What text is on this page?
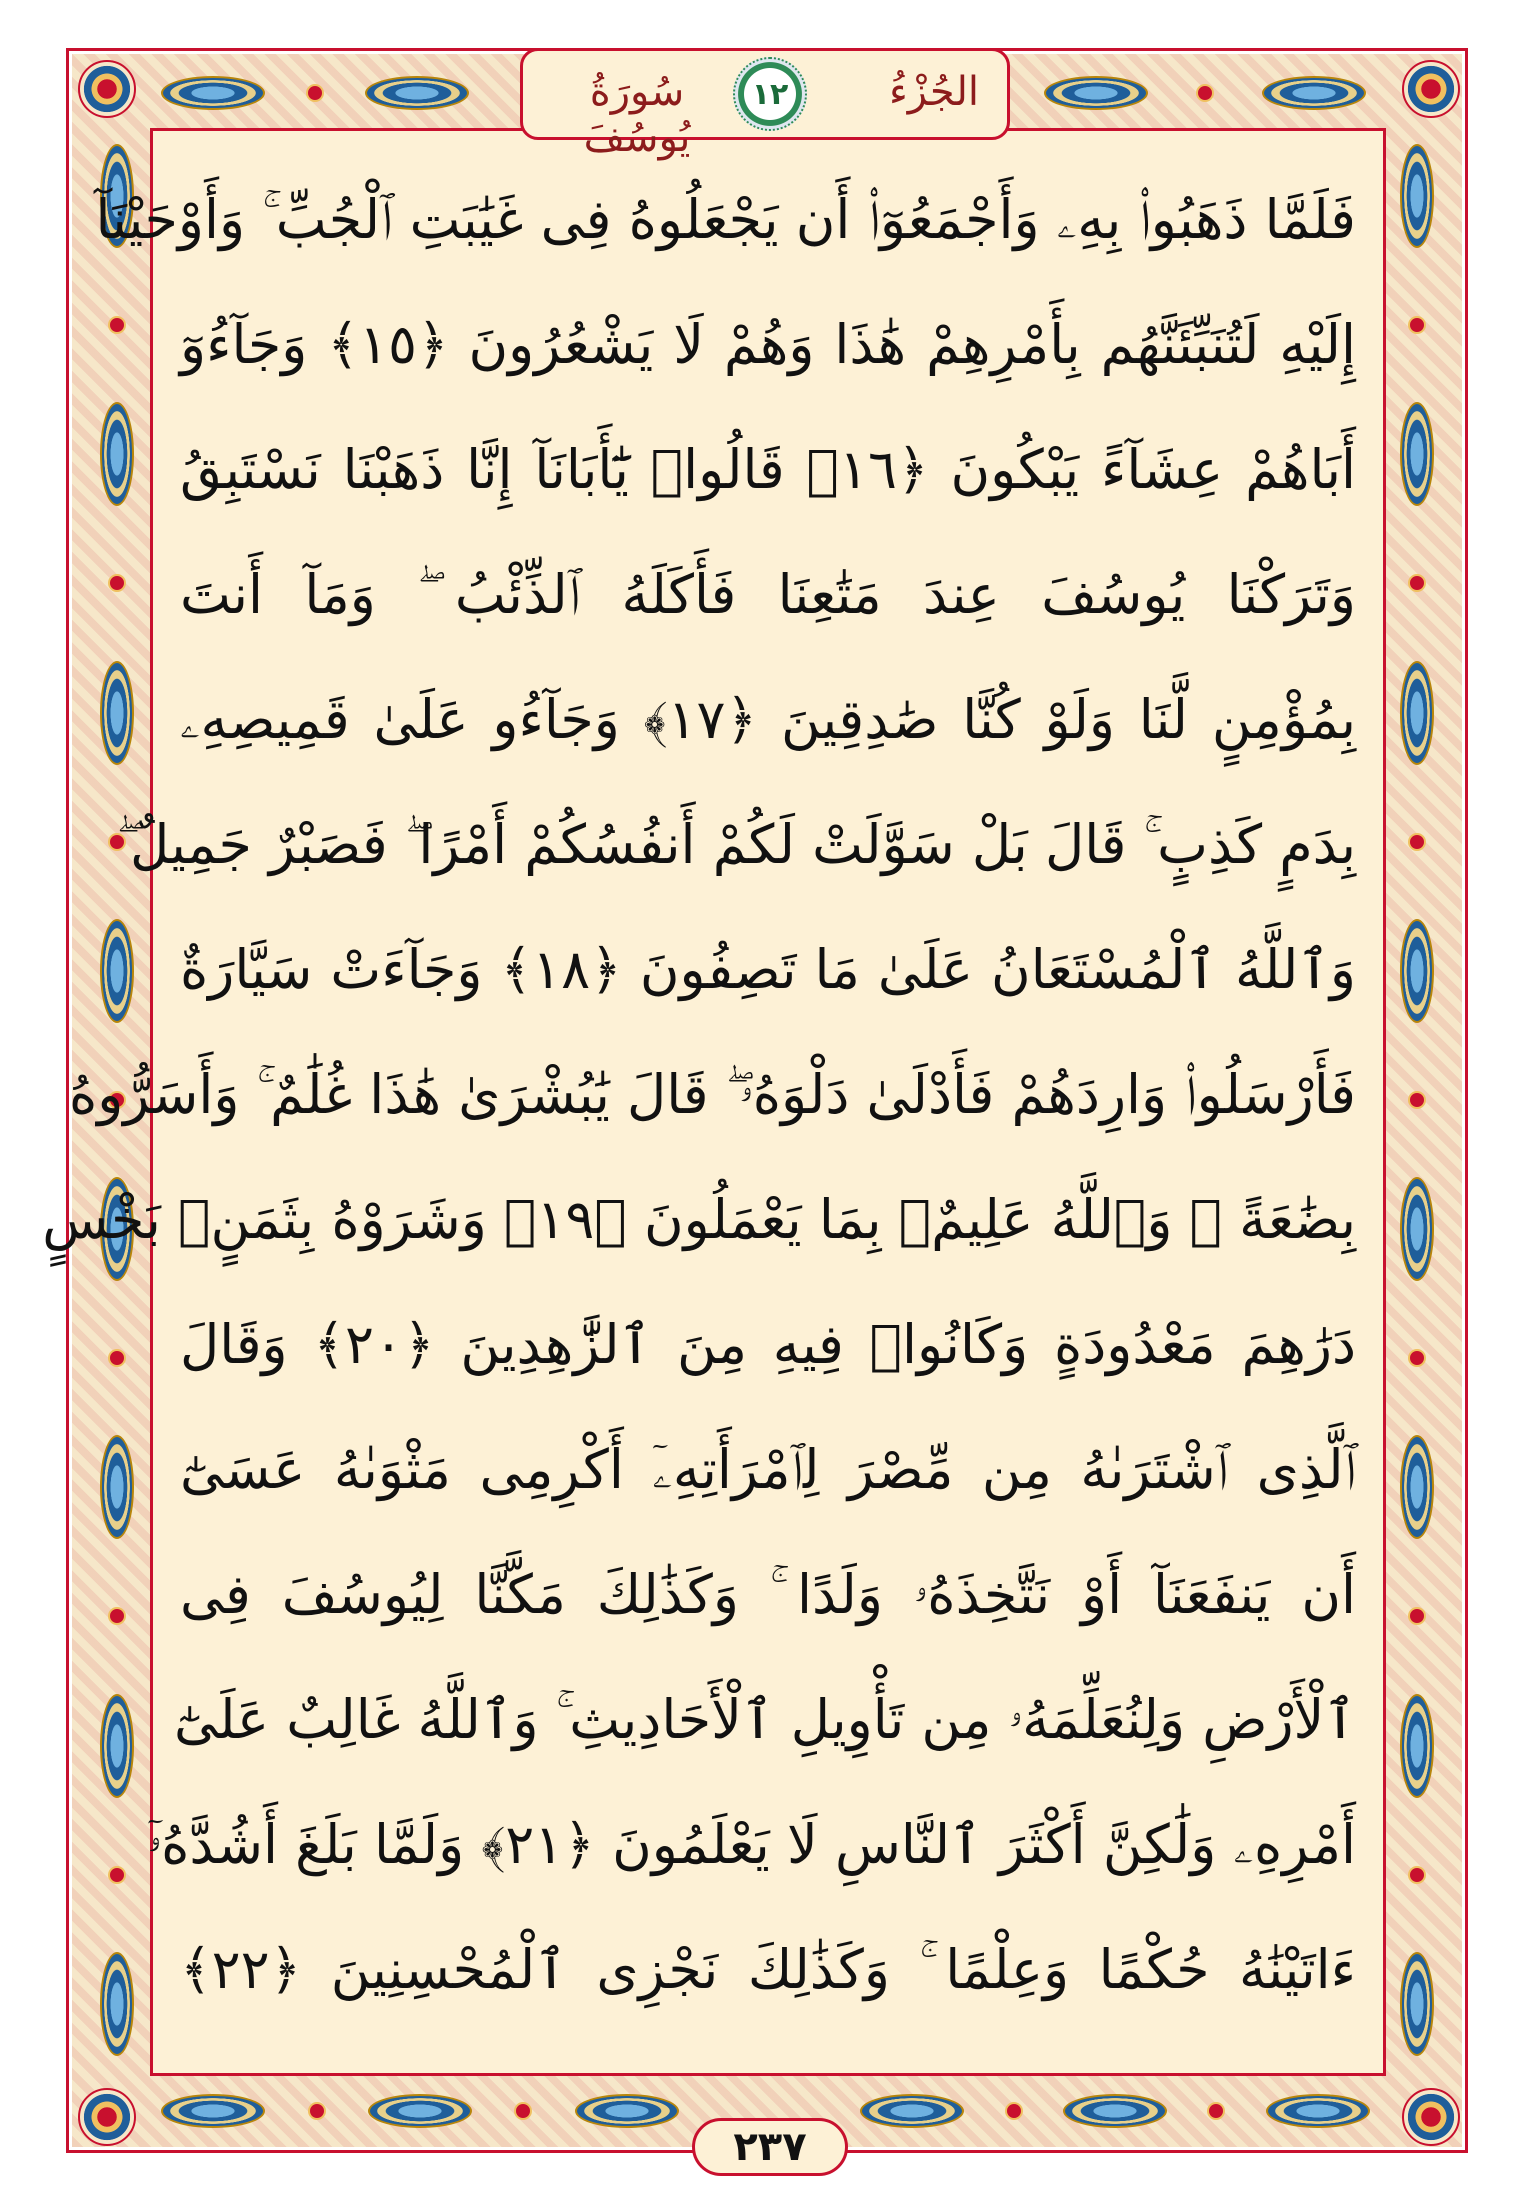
سُورَةُ يُوسُفَ
١٢	الجُزْءُ
فَلَمَّا ذَهَبُوا۟ بِهِۦ وَأَجْمَعُوٓا۟ أَن يَجْعَلُوهُ فِى غَيَٰبَتِ ٱلْجُبِّ ۚ وَأَوْحَيْنَآ
إِلَيْهِ لَتُنَبِّئَنَّهُم بِأَمْرِهِمْ هَٰذَا وَهُمْ لَا يَشْعُرُونَ ﴿١٥﴾ وَجَآءُوٓ
أَبَاهُمْ عِشَآءً يَبْكُونَ ﴿١٦﴾ قَالُوا۟ يَٰٓأَبَانَآ إِنَّا ذَهَبْنَا نَسْتَبِقُ
وَتَرَكْنَا يُوسُفَ عِندَ مَتَٰعِنَا فَأَكَلَهُ ٱلذِّئْبُ ۖ وَمَآ أَنتَ
بِمُؤْمِنٍ لَّنَا وَلَوْ كُنَّا صَٰدِقِينَ ﴿١٧﴾ وَجَآءُو عَلَىٰ قَمِيصِهِۦ
بِدَمٍ كَذِبٍ ۚ قَالَ بَلْ سَوَّلَتْ لَكُمْ أَنفُسُكُمْ أَمْرًا ۖ فَصَبْرٌ جَمِيلٌ ۖ
وَٱللَّهُ ٱلْمُسْتَعَانُ عَلَىٰ مَا تَصِفُونَ ﴿١٨﴾ وَجَآءَتْ سَيَّارَةٌ
فَأَرْسَلُوا۟ وَارِدَهُمْ فَأَدْلَىٰ دَلْوَهُۥ ۖ قَالَ يَٰبُشْرَىٰ هَٰذَا غُلَٰمٌ ۚ وَأَسَرُّوهُ
بِضَٰعَةً ۚ وَٱللَّهُ عَلِيمٌۢ بِمَا يَعْمَلُونَ ﴿١٩﴾ وَشَرَوْهُ بِثَمَنٍۭ بَخْسٍ
دَرَٰهِمَ مَعْدُودَةٍ وَكَانُوا۟ فِيهِ مِنَ ٱلزَّٰهِدِينَ ﴿٢٠﴾ وَقَالَ
ٱلَّذِى ٱشْتَرَىٰهُ مِن مِّصْرَ لِٱمْرَأَتِهِۦٓ أَكْرِمِى مَثْوَىٰهُ عَسَىٰٓ
أَن يَنفَعَنَآ أَوْ نَتَّخِذَهُۥ وَلَدًا ۚ وَكَذَٰلِكَ مَكَّنَّا لِيُوسُفَ فِى
ٱلْأَرْضِ وَلِنُعَلِّمَهُۥ مِن تَأْوِيلِ ٱلْأَحَادِيثِ ۚ وَٱللَّهُ غَالِبٌ عَلَىٰٓ
أَمْرِهِۦ وَلَٰكِنَّ أَكْثَرَ ٱلنَّاسِ لَا يَعْلَمُونَ ﴿٢١﴾ وَلَمَّا بَلَغَ أَشُدَّهُۥٓ
ءَاتَيْنَٰهُ حُكْمًا وَعِلْمًا ۚ وَكَذَٰلِكَ نَجْزِى ٱلْمُحْسِنِينَ ﴿٢٢﴾
٢٣٧
